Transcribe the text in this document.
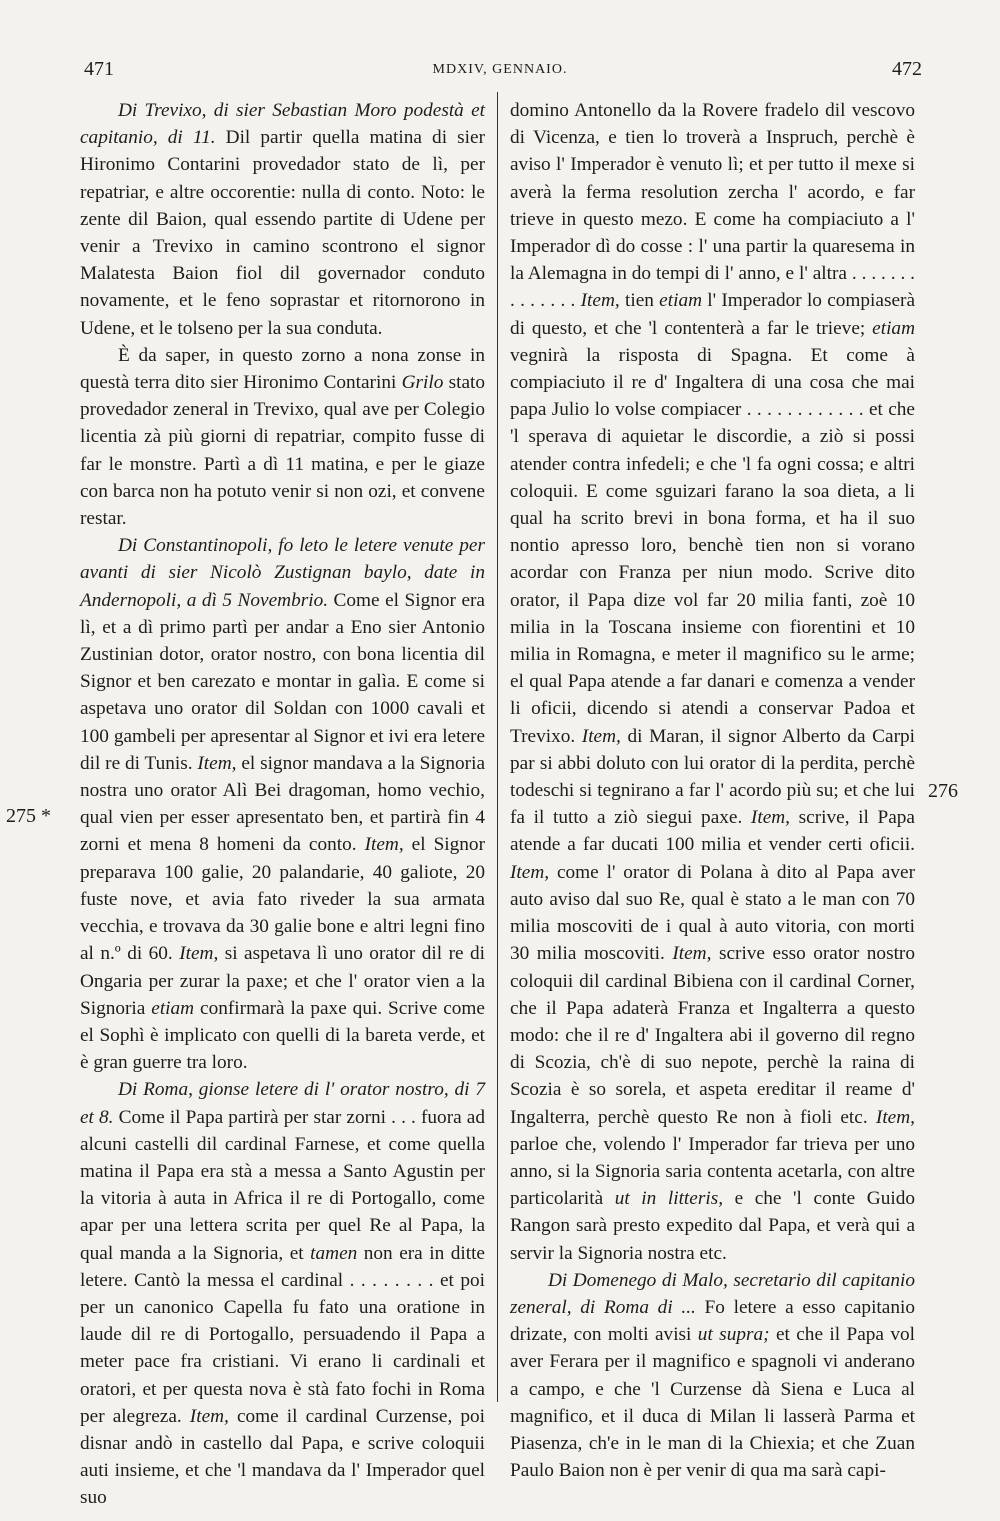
471	MDXIV, GENNAIO.	472
275 *
276

Di Trevixo, di sier Sebastian Moro podestà et capitanio, di 11. Dil partir quella matina di sier Hironimo Contarini provedador stato de lì, per repatriar, e altre occorentie: nulla di conto. Noto: le zente dil Baion, qual essendo partite di Udene per venir a Trevixo in camino scontrono el signor Malatesta Baion fiol dil governador conduto novamente, et le feno soprastar et ritornorono in Udene, et le tolseno per la sua conduta.

È da saper, in questo zorno a nona zonse in questà terra dito sier Hironimo Contarini Grilo stato provedador zeneral in Trevixo, qual ave per Colegio licentia zà più giorni di repatriar, compito fusse di far le monstre. Partì a dì 11 matina, e per le giaze con barca non ha potuto venir si non ozi, et convene restar.

Di Constantinopoli, fo leto le letere venute per avanti di sier Nicolò Zustignan baylo, date in Andernopoli, a dì 5 Novembrio. Come el Signor era lì, et a dì primo partì per andar a Eno sier Antonio Zustinian dotor, orator nostro, con bona licentia dil Signor et ben carezato e montar in galìa. E come si aspetava uno orator dil Soldan con 1000 cavali et 100 gambeli per apresentar al Signor et ivi era letere dil re di Tunis. Item, el signor mandava a la Signoria nostra uno orator Alì Bei dragoman, homo vechio, qual vien per esser apresentato ben, et partirà fin 4 zorni et mena 8 homeni da conto. Item, el Signor preparava 100 galie, 20 palandarie, 40 galiote, 20 fuste nove, et avia fato riveder la sua armata vecchia, e trovava da 30 galie bone e altri legni fino al n.º di 60. Item, si aspetava lì uno orator dil re di Ongaria per zurar la paxe; et che l' orator vien a la Signoria etiam confirmarà la paxe qui. Scrive come el Sophì è implicato con quelli di la bareta verde, et è gran guerre tra loro.

Di Roma, gionse letere di l' orator nostro, di 7 et 8. Come il Papa partirà per star zorni . . . fuora ad alcuni castelli dil cardinal Farnese, et come quella matina il Papa era stà a messa a Santo Agustin per la vitoria à auta in Africa il re di Portogallo, come apar per una lettera scrita per quel Re al Papa, la qual manda a la Signoria, et tamen non era in ditte letere. Cantò la messa el cardinal . . . . . . . . et poi per un canonico Capella fu fato una oratione in laude dil re di Portogallo, persuadendo il Papa a meter pace fra cristiani. Vi erano li cardinali et oratori, et per questa nova è stà fato fochi in Roma per alegreza. Item, come il cardinal Curzense, poi disnar andò in castello dal Papa, e scrive coloquii auti insieme, et che 'l mandava da l' Imperador quel suo

domino Antonello da la Rovere fradelo dil vescovo di Vicenza, e tien lo troverà a Inspruch, perchè è aviso l' Imperador è venuto lì; et per tutto il mexe si averà la ferma resolution zercha l' acordo, e far trieve in questo mezo. E come ha compiaciuto a l' Imperador dì do cosse : l' una partir la quaresema in la Alemagna in do tempi di l' anno, e l' altra . . . . . . . . . . . . . . Item, tien etiam l' Imperador lo compiaserà di questo, et che 'l contenterà a far le trieve; etiam vegnirà la risposta di Spagna. Et come à compiaciuto il re d' Ingaltera di una cosa che mai papa Julio lo volse compiacer . . . . . . . . . . . . et che 'l sperava di aquietar le discordie, a ziò si possi atender contra infedeli; e che 'l fa ogni cossa; e altri coloquii. E come sguizari farano la soa dieta, a li qual ha scrito brevi in bona forma, et ha il suo nontio apresso loro, benchè tien non si vorano acordar con Franza per niun modo. Scrive dito orator, il Papa dize vol far 20 milia fanti, zoè 10 milia in la Toscana insieme con fiorentini et 10 milia in Romagna, e meter il magnifico su le arme; el qual Papa atende a far danari e comenza a vender li oficii, dicendo si atendi a conservar Padoa et Trevixo. Item, di Maran, il signor Alberto da Carpi par si abbi doluto con lui orator di la perdita, perchè todeschi si tegnirano a far l' acordo più su; et che lui fa il tutto a ziò siegui paxe. Item, scrive, il Papa atende a far ducati 100 milia et vender certi oficii. Item, come l' orator di Polana à dito al Papa aver auto aviso dal suo Re, qual è stato a le man con 70 milia moscoviti de i qual à auto vitoria, con morti 30 milia moscoviti. Item, scrive esso orator nostro coloquii dil cardinal Bibiena con il cardinal Corner, che il Papa adaterà Franza et Ingalterra a questo modo: che il re d' Ingaltera abi il governo dil regno di Scozia, ch'è di suo nepote, perchè la raina di Scozia è so sorela, et aspeta ereditar il reame d' Ingalterra, perchè questo Re non à fioli etc. Item, parloe che, volendo l' Imperador far trieva per uno anno, si la Signoria saria contenta acetarla, con altre particolarità ut in litteris, e che 'l conte Guido Rangon sarà presto expedito dal Papa, et verà qui a servir la Signoria nostra etc.

Di Domenego di Malo, secretario dil capitanio zeneral, di Roma di ... Fo letere a esso capitanio drizate, con molti avisi ut supra; et che il Papa vol aver Ferara per il magnifico e spagnoli vi anderano a campo, e che 'l Curzense dà Siena e Luca al magnifico, et il duca di Milan li lasserà Parma et Piasenza, ch'e in le man di la Chiexia; et che Zuan Paulo Baion non è per venir di qua ma sarà capi-
